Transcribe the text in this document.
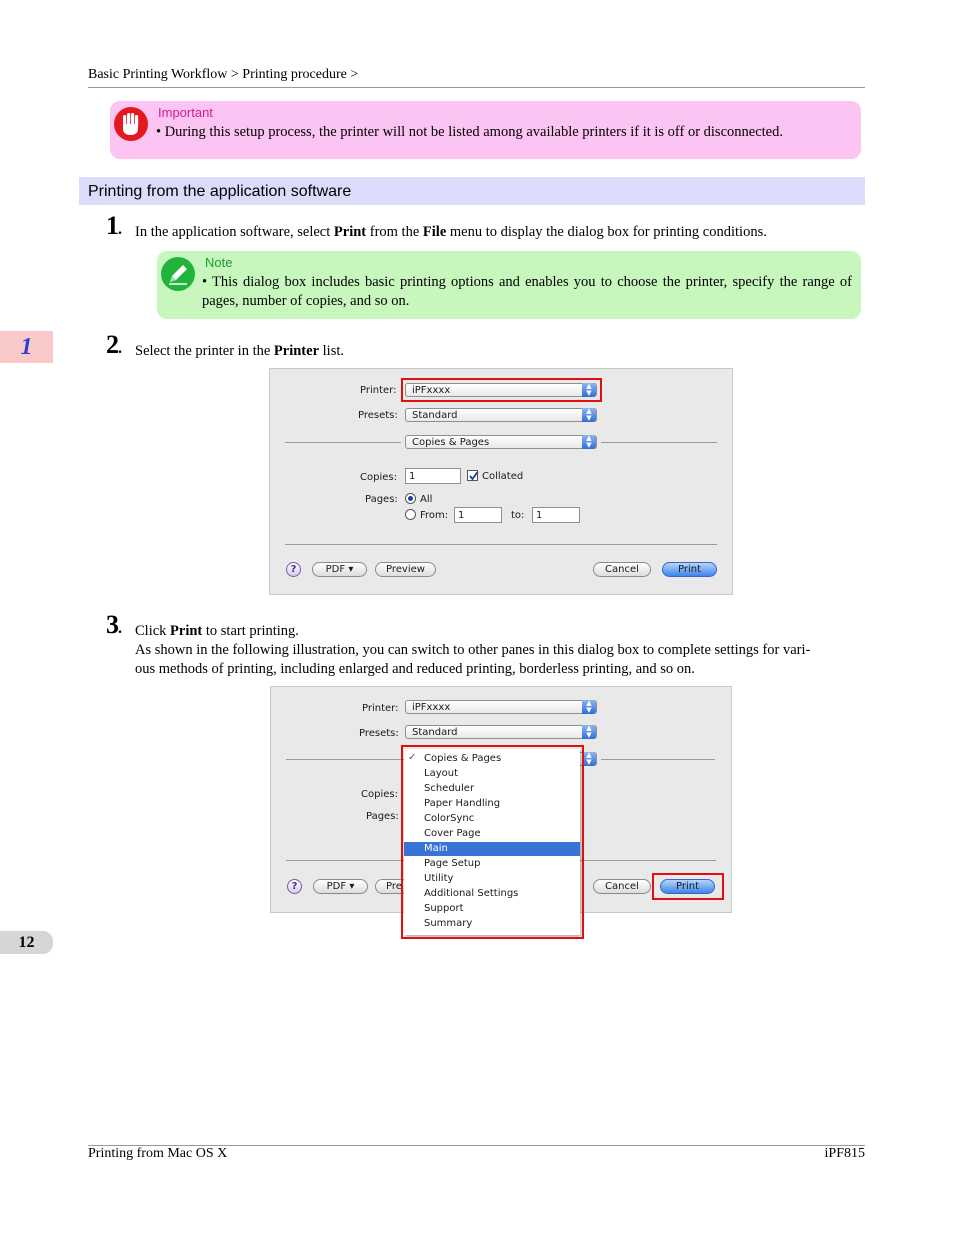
Basic Printing Workflow > Printing procedure >
1
12
Important
• During this setup process, the printer will not be listed among available printers if it is off or disconnected.
Printing from the application software
1. In the application software, select Print from the File menu to display the dialog box for printing conditions.
Note
• This dialog box includes basic printing options and enables you to choose the printer, specify the range of pages, number of copies, and so on.
2. Select the printer in the Printer list.
Printer:	iPFxxxx	▲
▼
Presets:	Standard	▲
▼
Copies & Pages	▲
▼
Copies:	1	Collated
Pages: All
From: 1	to:	1
?	PDF ▾	Preview	Cancel	Print
3. Click Print to start printing.
As shown in the following illustration, you can switch to other panes in this dialog box to complete settings for vari-
ous methods of printing, including enlarged and reduced printing, borderless printing, and so on.
Printer:	iPFxxxx	▲
▼
Presets:	Standard	▲
▼
▲
▼
Copies:
Pages:
?	PDF ▾	Pre	Cancel	Print
✓ Copies & Pages
Layout
Scheduler
Paper Handling
ColorSync
Cover Page
Main
Page Setup
Utility
Additional Settings
Support
Summary
Printing from Mac OS X	iPF815
